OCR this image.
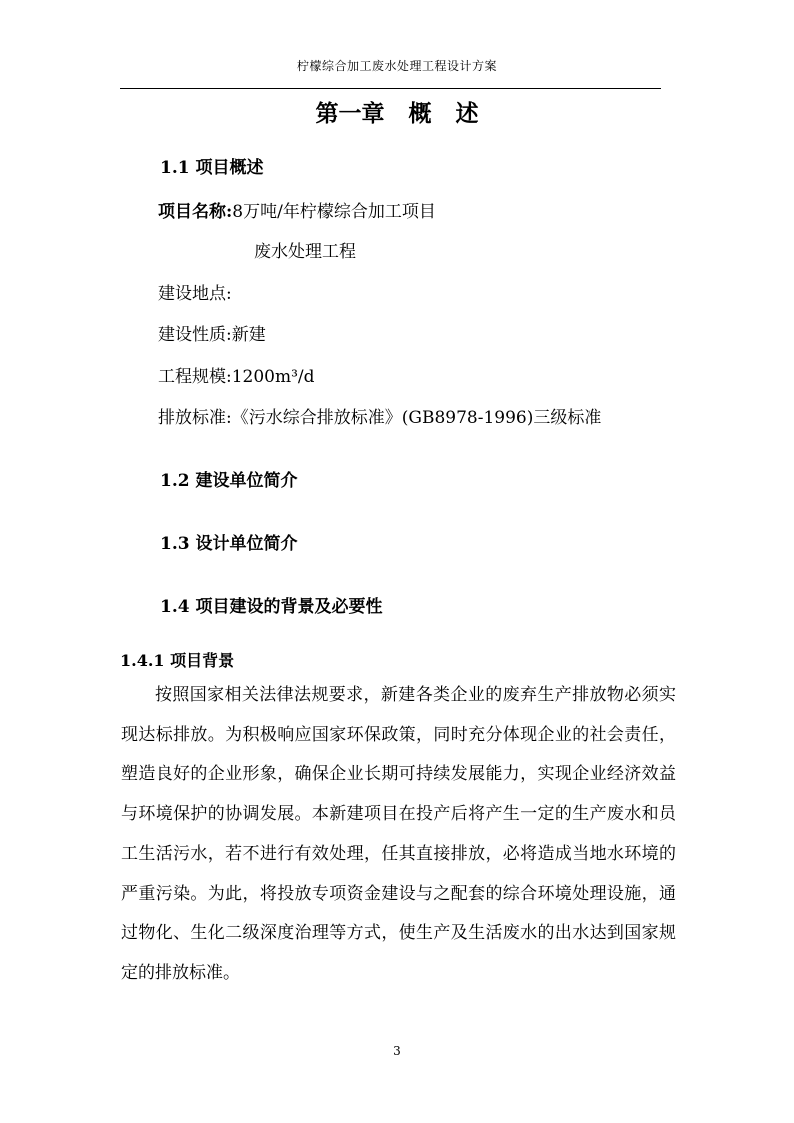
柠檬综合加工废水处理工程设计方案
第一章   概   述
1.1 项目概述
项目名称:8万吨/年柠檬综合加工项目
废水处理工程
建设地点:
建设性质:新建
工程规模:1200m³/d
排放标准:《污水综合排放标准》(GB8978-1996)三级标准
1.2 建设单位简介
1.3 设计单位简介
1.4 项目建设的背景及必要性
1.4.1 项目背景

按照国家相关法律法规要求，新建各类企业的废弃生产排放物必须实现达标排放。为积极响应国家环保政策，同时充分体现企业的社会责任，塑造良好的企业形象，确保企业长期可持续发展能力，实现企业经济效益与环境保护的协调发展。本新建项目在投产后将产生一定的生产废水和员工生活污水，若不进行有效处理，任其直接排放，必将造成当地水环境的严重污染。为此，将投放专项资金建设与之配套的综合环境处理设施，通过物化、生化二级深度治理等方式，使生产及生活废水的出水达到国家规定的排放标准。

3
